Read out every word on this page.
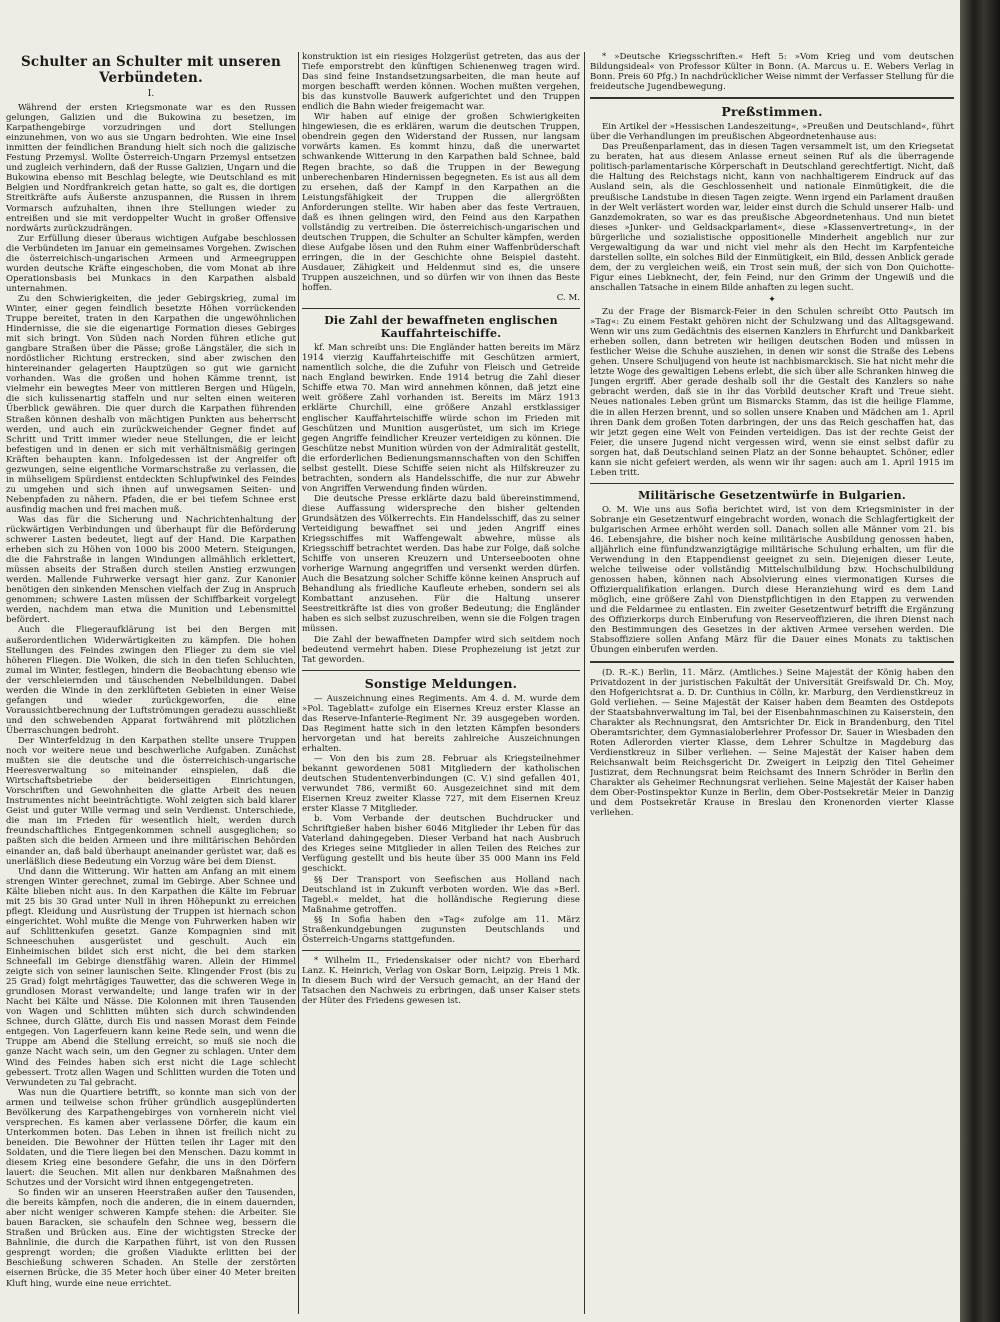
Schulter an Schulter mit unseren Verbündeten.
I.

Während der ersten Kriegsmonate war es den Russen gelungen, Galizien und die Bukowina zu besetzen, im Karpathengebirge vorzudringen und dort Stellungen einzunehmen, von wo aus sie Ungarn bedrohten. Wie eine Insel inmitten der feindlichen Brandung hielt sich noch die galizische Festung Przemysl. Wollte Österreich-Ungarn Przemysl entsetzen und zugleich verhindern, daß der Russe Galizien, Ungarn und die Bukowina ebenso mit Beschlag belegte, wie Deutschland es mit Belgien und Nordfrankreich getan hatte, so galt es, die dortigen Streitkräfte aufs Äußerste anzuspannen, die Russen in ihrem Vormarsch aufzuhalten, ihnen ihre Stellungen wieder zu entreißen und sie mit verdoppelter Wucht in großer Offensive nordwärts zurückzudrängen.

Zur Erfüllung dieser überaus wichtigen Aufgabe beschlossen die Verbündeten im Januar ein gemeinsames Vorgehen. Zwischen die österreichisch-ungarischen Armeen und Armeegruppen wurden deutsche Kräfte eingeschoben, die vom Monat ab ihre Operationsbasis bei Munkacs in den Karpathen alsbald unternahmen.

Zu den Schwierigkeiten, die jeder Gebirgskrieg, zumal im Winter, einer gegen feindlich besetzte Höhen vorrückenden Truppe bereitet, traten in den Karpathen die ungewöhnlichen Hindernisse, die sie die eigenartige Formation dieses Gebirges mit sich bringt. Von Süden nach Norden führen etliche gut gangbare Straßen über die Pässe; große Längstäler, die sich in nordöstlicher Richtung erstrecken, sind aber zwischen den hintereinander gelagerten Hauptzügen so gut wie garnicht vorhanden. Was die großen und hohen Kämme trennt, ist vielmehr ein bewegtes Meer von mittleren Bergen und Hügeln, die sich kulissenartig staffeln und nur selten einen weiteren Überblick gewähren. Die quer durch die Karpathen führenden Straßen können deshalb von mächtigen Punkten aus beherrscht werden, und auch ein zurückweichender Gegner findet auf Schritt und Tritt immer wieder neue Stellungen, die er leicht befestigen und in denen er sich mit verhältnismäßig geringen Kräften behaupten kann. Infolgedessen ist der Angreifer oft gezwungen, seine eigentliche Vormarschstraße zu verlassen, die in mühseligem Spürdienst entdeckten Schlupfwinkel des Feindes zu umgehen und sich ihnen auf unwegsamen Seiten- und Nebenpfaden zu nähern. Pfaden, die er bei tiefem Schnee erst ausfindig machen und frei machen muß.

Was das für die Sicherung und Nachrichtenhaltung der rückwärtigen Verbindungen und überhaupt für die Beförderung schwerer Lasten bedeutet, liegt auf der Hand. Die Karpathen erheben sich zu Höhen von 1000 bis 2000 Metern. Steigungen, die die Fahrstraße in langen Windungen allmählich erklettert, müssen abseits der Straßen durch steilen Anstieg erzwungen werden. Mallende Fuhrwerke versagt hier ganz. Zur Kanonier benötigen den sinkenden Menschen vielfach der Zug in Anspruch genommen; schwere Lasten müssen der Schiffbarkeit vorgelegt werden, nachdem man etwa die Munition und Lebensmittel befördert.

Auch die Fliegeraufklärung ist bei den Bergen mit außerordentlichen Widerwärtigkeiten zu kämpfen. Die hohen Stellungen des Feindes zwingen den Flieger zu dem sie viel höheren Fliegen. Die Wolken, die sich in den tiefen Schluchten, zumal im Winter, festlegen, hindern die Beobachtung ebenso wie der verschleiernden und täuschenden Nebelbildungen. Dabei werden die Winde in den zerklüfteten Gebieten in einer Weise gefangen und wieder zurückgeworfen, die eine Voraussichtberechnung der Luftströmungen geradezu ausschließt und den schwebenden Apparat fortwährend mit plötzlichen Überraschungen bedroht.

Der Winterfeldzug in den Karpathen stellte unsere Truppen noch vor weitere neue und beschwerliche Aufgaben. Zunächst mußten sie die deutsche und die österreichisch-ungarische Heeresverwaltung so miteinander einspielen, daß die Wirtschaftsbetriebe der beiderseitigen Einrichtungen, Vorschriften und Gewohnheiten die glatte Arbeit des neuen Instrumentes nicht beeinträchtigte. Wohl zeigten sich bald klarer Geist und guter Wille vermag und sein Verdienst. Unterschiede, die man im Frieden für wesentlich hielt, werden durch freundschaftliches Entgegenkommen schnell ausgeglichen; so paßten sich die beiden Armeen und ihre militärischen Behörden einander an, daß bald überhaupt aneinander gerüstet war, daß es unerläßlich diese Bedeutung ein Vorzug wäre bei dem Dienst.

Und dann die Witterung. Wir hatten am Anfang an mit einem strengen Winter gerechnet, zumal im Gebirge. Aber Schnee und Kälte blieben nicht aus. In den Karpathen die Kälte im Februar mit 25 bis 30 Grad unter Null in ihren Höhepunkt zu erreichen pflegt. Kleidung und Ausrüstung der Truppen ist hiernach schon eingerichtet. Wohl mußte die Menge von Fuhrwerken haben wir auf Schlittenkufen gesetzt. Ganze Kompagnien sind mit Schneeschuhen ausgerüstet und geschult. Auch ein Einheimischen bildet sich erst nicht, die bei dem starken Schneefall im Gebirge dienstfähig waren. Allein der Himmel zeigte sich von seiner launischen Seite. Klingender Frost (bis zu 25 Grad) folgt mehrtägiges Tauwetter, das die schweren Wege in grundlosen Morast verwandelte; und lange trafen wir in der Nacht bei Kälte und Nässe. Die Kolonnen mit ihren Tausenden von Wagen und Schlitten mühten sich durch schwindenden Schnee, durch Glätte, durch Eis und nassen Morast dem Feinde entgegen. Von Lagerfeuern kann keine Rede sein, und wenn die Truppe am Abend die Stellung erreicht, so muß sie noch die ganze Nacht wach sein, um den Gegner zu schlagen. Unter dem Wind des Feindes haben sich erst nicht die Lage schlecht gebessert. Trotz allen Wagen und Schlitten wurden die Toten und Verwundeten zu Tal gebracht.

Was nun die Quartiere betrifft, so konnte man sich von der armen und teilweise schon früher gründlich ausgeplünderten Bevölkerung des Karpathengebirges von vornherein nicht viel versprechen. Es kamen aber verlassene Dörfer, die kaum ein Unterkommen boten. Das Leben in ihnen ist freilich nicht zu beneiden. Die Bewohner der Hütten teilen ihr Lager mit den Soldaten, und die Tiere liegen bei den Menschen. Dazu kommt in diesem Krieg eine besondere Gefahr, die uns in den Dörfern lauert: die Seuchen. Mit allen nur denkbaren Maßnahmen des Schutzes und der Vorsicht wird ihnen entgegengetreten.

So finden wir an unseren Heerstraßen außer den Tausenden, die bereits kämpfen, noch die anderen, die in einem dauernden, aber nicht weniger schweren Kampfe stehen: die Arbeiter. Sie bauen Baracken, sie schaufeln den Schnee weg, bessern die Straßen und Brücken aus. Eine der wichtigsten Strecke der Bahnlinie, die durch die Karpathen führt, ist von den Russen gesprengt worden; die großen Viadukte erlitten bei der Beschießung schweren Schaden. An Stelle der zerstörten eisernen Brücke, die 35 Meter hoch über einer 40 Meter breiten Kluft hing, wurde eine neue errichtet.

konstruktion ist ein riesiges Holzgerüst getreten, das aus der Tiefe emporstrebt den künftigen Schienenweg tragen wird. Das sind feine Instandsetzungsarbeiten, die man heute auf morgen beschafft werden können. Wochen mußten vergehen, bis das kunstvolle Bauwerk aufgerichtet und den Truppen endlich die Bahn wieder freigemacht war.

Wir haben auf einige der großen Schwierigkeiten hingewiesen, die es erklären, warum die deutschen Truppen, obendrein gegen den Widerstand der Russen, nur langsam vorwärts kamen. Es kommt hinzu, daß die unerwartet schwankende Witterung in den Karpathen bald Schnee, bald Regen brachte, so daß die Truppen in der Bewegung unberechenbaren Hindernissen begegneten. Es ist aus all dem zu ersehen, daß der Kampf in den Karpathen an die Leistungsfähigkeit der Truppen die allergrößten Anforderungen stellte. Wir haben aber das feste Vertrauen, daß es ihnen gelingen wird, den Feind aus den Karpathen vollständig zu vertreiben. Die österreichisch-ungarischen und deutschen Truppen, die Schulter an Schulter kämpfen, werden diese Aufgabe lösen und den Ruhm einer Waffenbrüderschaft erringen, die in der Geschichte ohne Beispiel dasteht. Ausdauer, Zähigkeit und Heldenmut sind es, die unsere Truppen auszeichnen, und so dürfen wir von ihnen das Beste hoffen.

C. M.
Die Zahl der bewaffneten englischen Kauffahrteischiffe.

kf. Man schreibt uns: Die Engländer hatten bereits im März 1914 vierzig Kauffahrteischiffe mit Geschützen armiert, namentlich solche, die die Zufuhr von Fleisch und Getreide nach England bewirken. Ende 1914 betrug die Zahl dieser Schiffe etwa 70. Man wird annehmen können, daß jetzt eine weit größere Zahl vorhanden ist. Bereits im März 1913 erklärte Churchill, eine größere Anzahl erstklassiger englischer Kauffahrteischiffe würde schon im Frieden mit Geschützen und Munition ausgerüstet, um sich im Kriege gegen Angriffe feindlicher Kreuzer verteidigen zu können. Die Geschütze nebst Munition würden von der Admiralität gestellt, die erforderlichen Bedienungsmannschaften von den Schiffen selbst gestellt. Diese Schiffe seien nicht als Hilfskreuzer zu betrachten, sondern als Handelsschiffe, die nur zur Abwehr von Angriffen Verwendung finden würden.

Die deutsche Presse erklärte dazu bald übereinstimmend, diese Auffassung widerspreche den bisher geltenden Grundsätzen des Völkerrechts. Ein Handelsschiff, das zu seiner Verteidigung bewaffnet sei und jeden Angriff eines Kriegsschiffes mit Waffengewalt abwehre, müsse als Kriegsschiff betrachtet werden. Das habe zur Folge, daß solche Schiffe von unseren Kreuzern und Unterseebooten ohne vorherige Warnung angegriffen und versenkt werden dürfen. Auch die Besatzung solcher Schiffe könne keinen Anspruch auf Behandlung als friedliche Kaufleute erheben, sondern sei als Kombattant anzusehen. Für die Haltung unserer Seestreitkräfte ist dies von großer Bedeutung; die Engländer haben es sich selbst zuzuschreiben, wenn sie die Folgen tragen müssen.

Die Zahl der bewaffneten Dampfer wird sich seitdem noch bedeutend vermehrt haben. Diese Prophezeiung ist jetzt zur Tat geworden.

Sonstige Meldungen.

— Auszeichnung eines Regiments. Am 4. d. M. wurde dem »Pol. Tageblatt« zufolge ein Eisernes Kreuz erster Klasse an das Reserve-Infanterie-Regiment Nr. 39 ausgegeben worden. Das Regiment hatte sich in den letzten Kämpfen besonders hervorgetan und hat bereits zahlreiche Auszeichnungen erhalten.

— Von den bis zum 28. Februar als Kriegsteilnehmer bekannt gewordenen 5081 Mitgliedern der katholischen deutschen Studentenverbindungen (C. V.) sind gefallen 401, verwundet 786, vermißt 60. Ausgezeichnet sind mit dem Eisernen Kreuz zweiter Klasse 727, mit dem Eisernen Kreuz erster Klasse 7 Mitglieder.

b. Vom Verbande der deutschen Buchdrucker und Schriftgießer haben bisher 6046 Mitglieder ihr Leben für das Vaterland dahingegeben. Dieser Verband hat nach Ausbruch des Krieges seine Mitglieder in allen Teilen des Reiches zur Verfügung gestellt und bis heute über 35 000 Mann ins Feld geschickt.

§§ Der Transport von Seefischen aus Holland nach Deutschland ist in Zukunft verboten worden. Wie das »Berl. Tagebl.« meldet, hat die holländische Regierung diese Maßnahme getroffen.

§§ In Sofia haben den »Tag« zufolge am 11. März Straßenkundgebungen zugunsten Deutschlands und Österreich-Ungarns stattgefunden.

* Wilhelm II., Friedenskaiser oder nicht? von Eberhard Lanz. K. Heinrich, Verlag von Oskar Born, Leipzig. Preis 1 Mk. In diesem Buch wird der Versuch gemacht, an der Hand der Tatsachen den Nachweis zu erbringen, daß unser Kaiser stets der Hüter des Friedens gewesen ist.

* »Deutsche Kriegsschriften.« Heft 5: »Vom Krieg und vom deutschen Bildungsideal« von Professor Külter in Bonn. (A. Marcus u. E. Webers Verlag in Bonn. Preis 60 Pfg.) In nachdrücklicher Weise nimmt der Verfasser Stellung für die freideutsche Jugendbewegung.

Preßstimmen.

Ein Artikel der »Hessischen Landeszeitung«, »Preußen und Deutschland«, führt über die Verhandlungen im preußischen Abgeordnetenhause aus:

Das Preußenparlament, das in diesen Tagen versammelt ist, um den Kriegsetat zu beraten, hat aus diesem Anlasse erneut seinen Ruf als die überragende politisch-parlamentarische Körperschaft in Deutschland gerechtfertigt. Nicht, daß die Haltung des Reichstags nicht, kann von nachhaltigerem Eindruck auf das Ausland sein, als die Geschlossenheit und nationale Einmütigkeit, die die preußische Landstube in diesen Tagen zeigte. Wenn irgend ein Parlament draußen in der Welt verlästert worden war, leider einst durch die Schuld unserer Halb- und Ganzdemokraten, so war es das preußische Abgeordnetenhaus. Und nun bietet dieses »Junker- und Geldsackparlament«, diese »Klassenvertretung«, in der bürgerliche und sozialistische oppositionelle Minderheit angeblich nur zur Vergewaltigung da war und nicht viel mehr als den Hecht im Karpfenteiche darstellen sollte, ein solches Bild der Einmütigkeit, ein Bild, dessen Anblick gerade dem, der zu vergleichen weiß, ein Trost sein muß, der sich von Don Quichotte-Figur eines Liebknecht, der, fein Feind, nur den Grimm der Ungewiß und die anschallen Tatsache in einem Bilde anhaften zu legen sucht.

✦

Zu der Frage der Bismarck-Feier in den Schulen schreibt Otto Pautsch im »Tag«: Zu einem Festakt gehören nicht der Schulzwang und das Alltagsgewand. Wenn wir uns zum Gedächtnis des eisernen Kanzlers in Ehrfurcht und Dankbarkeit erheben sollen, dann betreten wir heiligen deutschen Boden und müssen in festlicher Weise die Schuhe ausziehen, in denen wir sonst die Straße des Lebens gehen. Unsere Schuljugend von heute ist nachbismarckisch. Sie hat nicht mehr die letzte Woge des gewaltigen Lebens erlebt, die sich über alle Schranken hinweg die Jungen ergriff. Aber gerade deshalb soll ihr die Gestalt des Kanzlers so nahe gebracht werden, daß sie in ihr das Vorbild deutscher Kraft und Treue sieht. Neues nationales Leben grünt um Bismarcks Stamm, das ist die heilige Flamme, die in allen Herzen brennt, und so sollen unsere Knaben und Mädchen am 1. April ihren Dank dem großen Toten darbringen, der uns das Reich geschaffen hat, das wir jetzt gegen eine Welt von Feinden verteidigen. Das ist der rechte Geist der Feier, die unsere Jugend nicht vergessen wird, wenn sie einst selbst dafür zu sorgen hat, daß Deutschland seinen Platz an der Sonne behauptet. Schöner, edler kann sie nicht gefeiert werden, als wenn wir ihr sagen: auch am 1. April 1915 im Leben tritt.

Militärische Gesetzentwürfe in Bulgarien.

O. M. Wie uns aus Sofia berichtet wird, ist von dem Kriegsminister in der Sobranje ein Gesetzentwurf eingebracht worden, wonach die Schlagfertigkeit der bulgarischen Armee erhöht werden soll. Danach sollen alle Männer vom 21. bis 46. Lebensjahre, die bisher noch keine militärische Ausbildung genossen haben, alljährlich eine fünfundzwanzigtägige militärische Schulung erhalten, um für die Verwendung in den Etappendienst geeignet zu sein. Diejenigen dieser Leute, welche teilweise oder vollständig Mittelschulbildung bzw. Hochschulbildung genossen haben, können nach Absolvierung eines viermonatigen Kurses die Offizierqualifikation erlangen. Durch diese Heranziehung wird es dem Land möglich, eine größere Zahl von Dienstpflichtigen in den Etappen zu verwenden und die Feldarmee zu entlasten. Ein zweiter Gesetzentwurf betrifft die Ergänzung des Offizierkorps durch Einberufung von Reserveoffizieren, die ihren Dienst nach den Bestimmungen des Gesetzes in der aktiven Armee versehen werden. Die Stabsoffiziere sollen Anfang März für die Dauer eines Monats zu taktischen Übungen einberufen werden.

(D. R.-K.) Berlin, 11. März. (Amtliches.) Seine Majestät der König haben den Privatdozent in der juristischen Fakultät der Universität Greifswald Dr. Ch. Moy, den Hofgerichtsrat a. D. Dr. Cunthius in Cölln, kr. Marburg, den Verdienstkreuz in Gold verliehen. — Seine Majestät der Kaiser haben dem Beamten des Ostdepots der Staatsbahnverwaltung im Tal, bei der Eisenbahnmaschinen zu Kaiserstein, den Charakter als Rechnungsrat, den Amtsrichter Dr. Eick in Brandenburg, den Titel Oberamtsrichter, dem Gymnasialoberlehrer Professor Dr. Sauer in Wiesbaden den Roten Adlerorden vierter Klasse, dem Lehrer Schultze in Magdeburg das Verdienstkreuz in Silber verliehen. — Seine Majestät der Kaiser haben dem Reichsanwalt beim Reichsgericht Dr. Zweigert in Leipzig den Titel Geheimer Justizrat, dem Rechnungsrat beim Reichsamt des Innern Schröder in Berlin den Charakter als Geheimer Rechnungsrat verliehen. Seine Majestät der Kaiser haben dem Ober-Postinspektor Kunze in Berlin, dem Ober-Postsekretär Meier in Danzig und dem Postsekretär Krause in Breslau den Kronenorden vierter Klasse verliehen.
